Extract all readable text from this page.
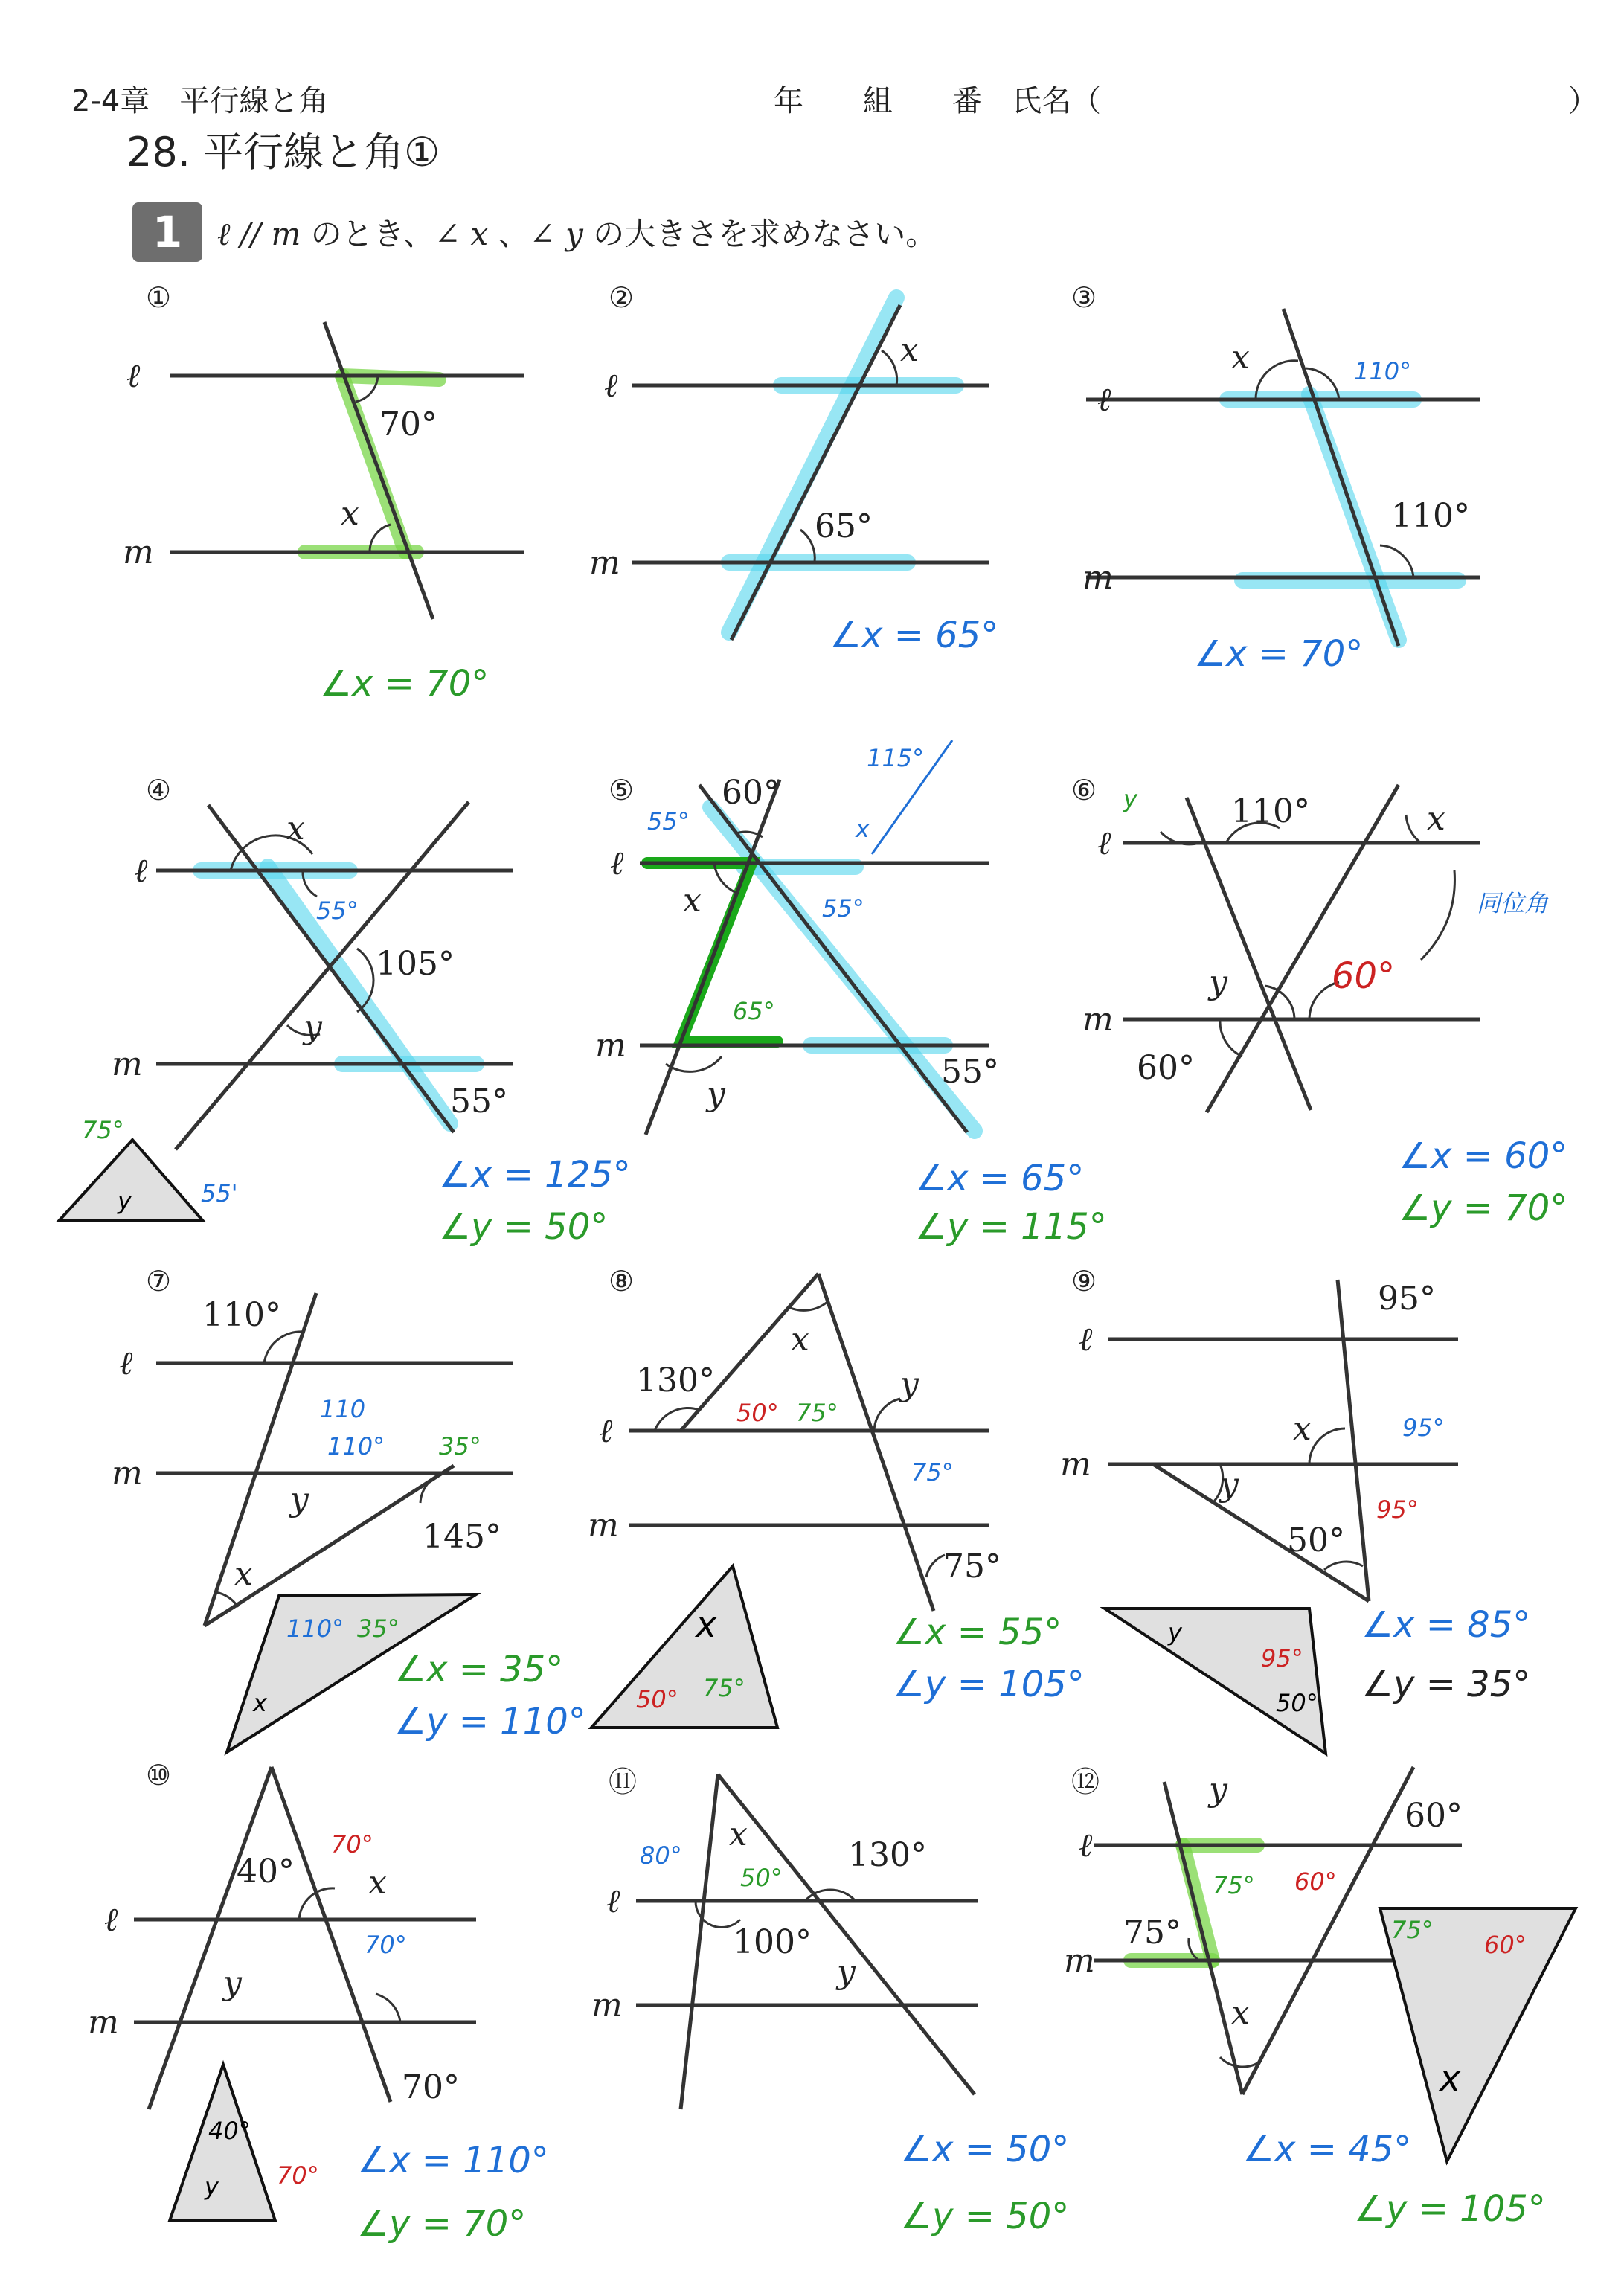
2-4章　平行線と角	年　　組　　番　氏名（	）
28. 平行線と角①
1	ℓ // m のとき、∠ x 、∠ y の大きさを求めなさい。
①	②	③
④	⑤	⑥
⑦	⑧	⑨
⑩	⑪	⑫
ℓ
m
70°
x
∠x = 70°
ℓ
m
x
65°
∠x = 65°
ℓ
m
x	110°
110°
∠x = 70°
ℓ
m
x
105°
y
55°
55°
75°
55'
y
∠x = 125°
∠y = 50°
ℓ
m
60°
x
y
55°
55°
55°
65°
115°
x
∠x = 65°
∠y = 115°
ℓ
m
110°	x
y
60°
y
60°
同位角
∠x = 60°
∠y = 70°
ℓ
m
110°
145°
y
x
110
110° 35°
110° 35°
x
∠x = 35°
∠y = 110°
ℓ
m
130°
x
y
75°
50° 75°
75°
x
50° 75°
∠x = 55°
∠y = 105°
ℓ
m
95°
x
y
50°
95°
95°
y
95°
50°
∠x = 85°
∠y = 35°
ℓ
m
40° x
y
70°
70°
70°
40°
y 70° ∠x = 110°
∠y = 70°
ℓ
m
x
130°
100°
y
80°
50°
∠x = 50°
∠y = 50°
ℓ
m
y
60°
75°
x
75° 60°
75°
60°
x
∠x = 45°
∠y = 105°
